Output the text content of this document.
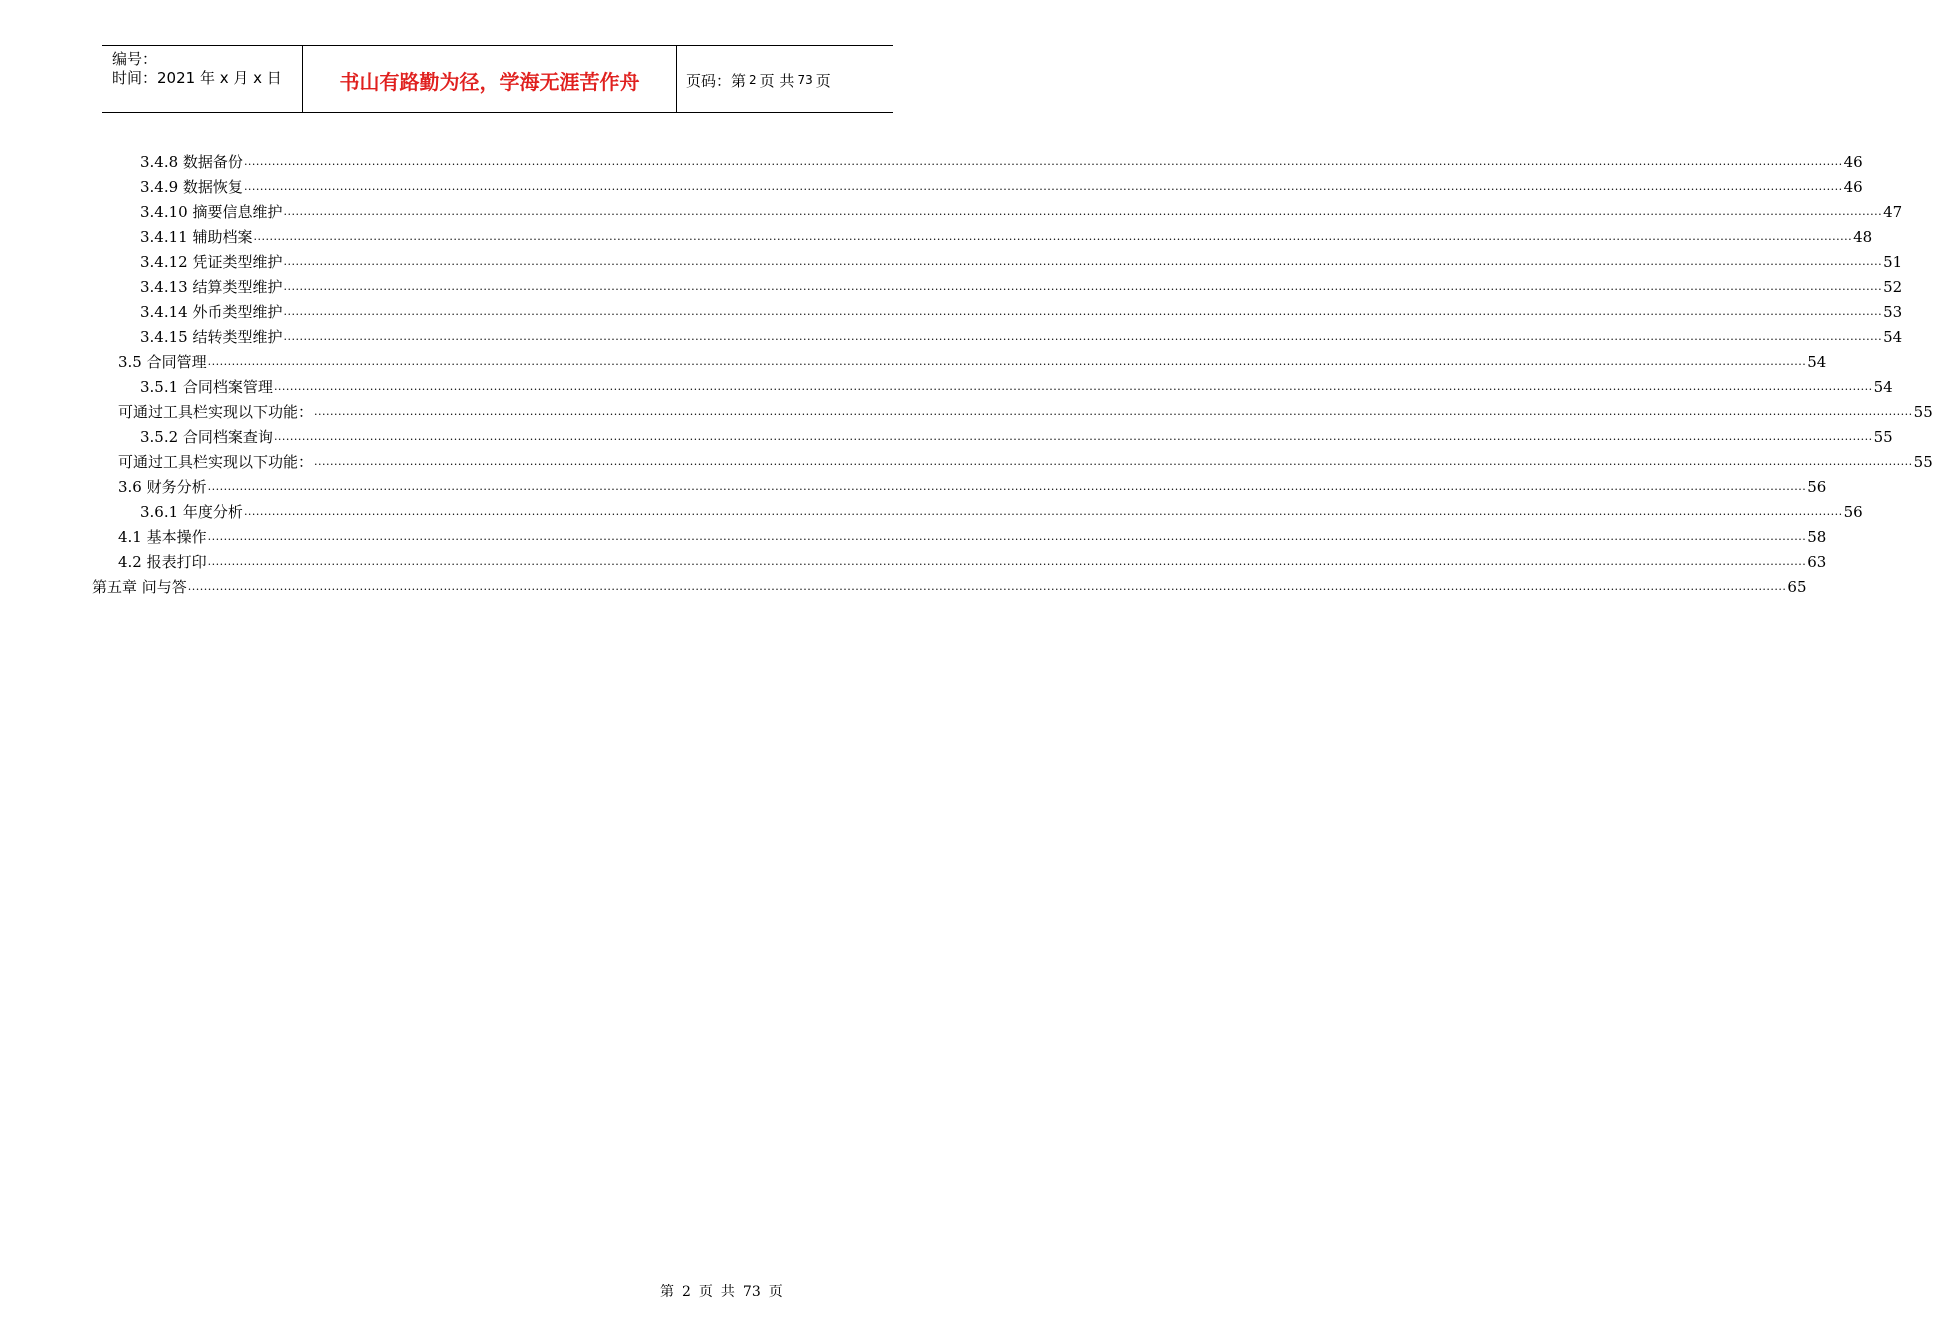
编号：
时间：2021 年 x 月 x 日	书山有路勤为径，学海无涯苦作舟	页码：第 2 页 共 73 页
3.4.8 数据备份 ................................................................................................................................................................................................................................................................................................................................................................................................................ 46
3.4.9 数据恢复 ................................................................................................................................................................................................................................................................................................................................................................................................................ 46
3.4.10 摘要信息维护 ................................................................................................................................................................................................................................................................................................................................................................................................................ 47
3.4.11 辅助档案 ................................................................................................................................................................................................................................................................................................................................................................................................................ 48
3.4.12 凭证类型维护 ................................................................................................................................................................................................................................................................................................................................................................................................................ 51
3.4.13 结算类型维护 ................................................................................................................................................................................................................................................................................................................................................................................................................ 52
3.4.14 外币类型维护 ................................................................................................................................................................................................................................................................................................................................................................................................................ 53
3.4.15 结转类型维护 ................................................................................................................................................................................................................................................................................................................................................................................................................ 54
3.5 合同管理 ................................................................................................................................................................................................................................................................................................................................................................................................................ 54
3.5.1 合同档案管理 ................................................................................................................................................................................................................................................................................................................................................................................................................ 54
可通过工具栏实现以下功能： ................................................................................................................................................................................................................................................................................................................................................................................................................ 55
3.5.2 合同档案查询 ................................................................................................................................................................................................................................................................................................................................................................................................................ 55
可通过工具栏实现以下功能： ................................................................................................................................................................................................................................................................................................................................................................................................................ 55
3.6 财务分析 ................................................................................................................................................................................................................................................................................................................................................................................................................ 56
3.6.1 年度分析 ................................................................................................................................................................................................................................................................................................................................................................................................................ 56
4.1 基本操作 ................................................................................................................................................................................................................................................................................................................................................................................................................ 58
4.2 报表打印 ................................................................................................................................................................................................................................................................................................................................................................................................................ 63
第五章 问与答 ................................................................................................................................................................................................................................................................................................................................................................................................................ 65
第 2 页 共 73 页
